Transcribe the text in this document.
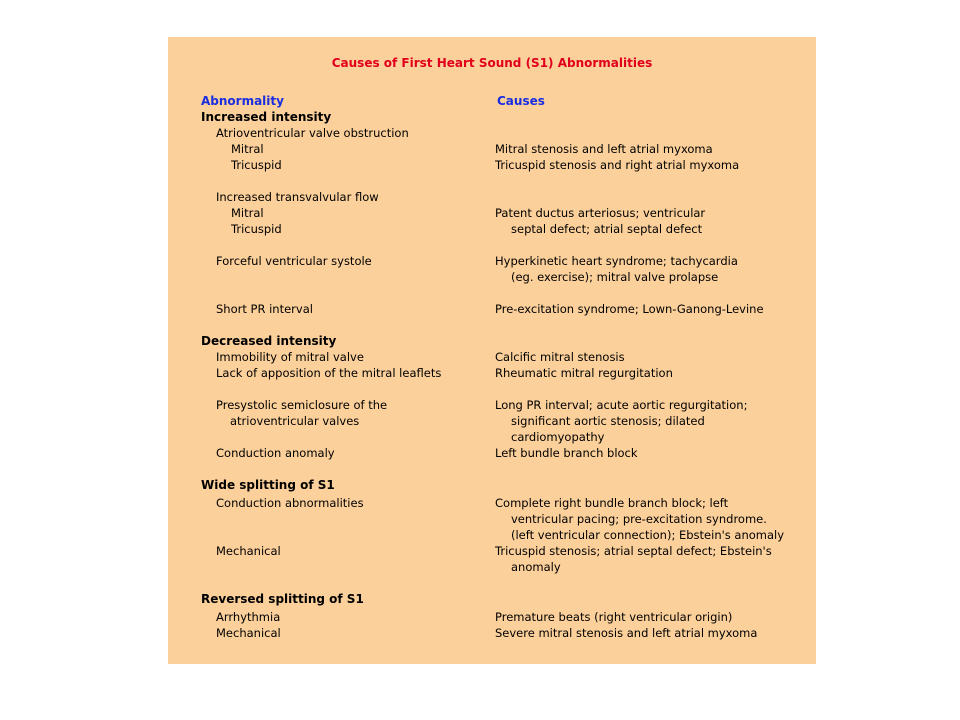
Causes of First Heart Sound (S1) Abnormalities
Abnormality	Causes
Increased intensity
Atrioventricular valve obstruction
Mitral	Mitral stenosis and left atrial myxoma
Tricuspid	Tricuspid stenosis and right atrial myxoma
Increased transvalvular flow
Mitral	Patent ductus arteriosus; ventricular
Tricuspid	septal defect; atrial septal defect
Forceful ventricular systole	Hyperkinetic heart syndrome; tachycardia
(eg. exercise); mitral valve prolapse
Short PR interval	Pre-excitation syndrome; Lown-Ganong-Levine
Decreased intensity
Immobility of mitral valve	Calcific mitral stenosis
Lack of apposition of the mitral leaflets	Rheumatic mitral regurgitation
Presystolic semiclosure of the	Long PR interval; acute aortic regurgitation;
atrioventricular valves	significant aortic stenosis; dilated
cardiomyopathy
Conduction anomaly	Left bundle branch block
Wide splitting of S1
Conduction abnormalities	Complete right bundle branch block; left
ventricular pacing; pre-excitation syndrome.
(left ventricular connection); Ebstein's anomaly
Mechanical	Tricuspid stenosis; atrial septal defect; Ebstein's
anomaly
Reversed splitting of S1
Arrhythmia	Premature beats (right ventricular origin)
Mechanical	Severe mitral stenosis and left atrial myxoma
